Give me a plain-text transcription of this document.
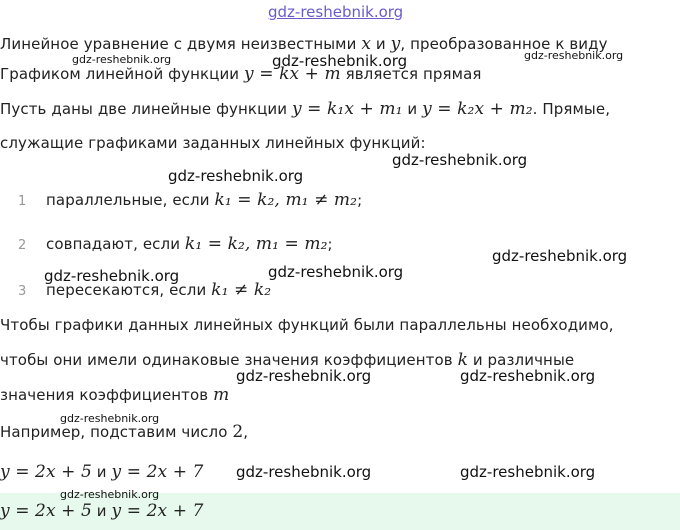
gdz-reshebnik.org
Линейное уравнение с двумя неизвестными x и y, преобразованное к виду
Графиком линейной функции y = kx + m является прямая
Пусть даны две линейные функции y = k₁x + m₁ и y = k₂x + m₂. Прямые,
служащие графиками заданных линейных функций:
1 параллельные, если k₁ = k₂, m₁ ≠ m₂;
2 совпадают, если k₁ = k₂, m₁ = m₂;
3 пересекаются, если k₁ ≠ k₂
Чтобы графики данных линейных функций были параллельны необходимо,
чтобы они имели одинаковые значения коэффициентов k и различные
значения коэффициентов m
Например, подставим число 2,
y = 2x + 5 и y = 2x + 7
y = 2x + 5 и y = 2x + 7
gdz-reshebnik.org	gdz-reshebnik.org	gdz-reshebnik.org
gdz-reshebnik.org
gdz-reshebnik.org
gdz-reshebnik.org
gdz-reshebnik.org	gdz-reshebnik.org
gdz-reshebnik.org	gdz-reshebnik.org
gdz-reshebnik.org
gdz-reshebnik.org	gdz-reshebnik.org
gdz-reshebnik.org
